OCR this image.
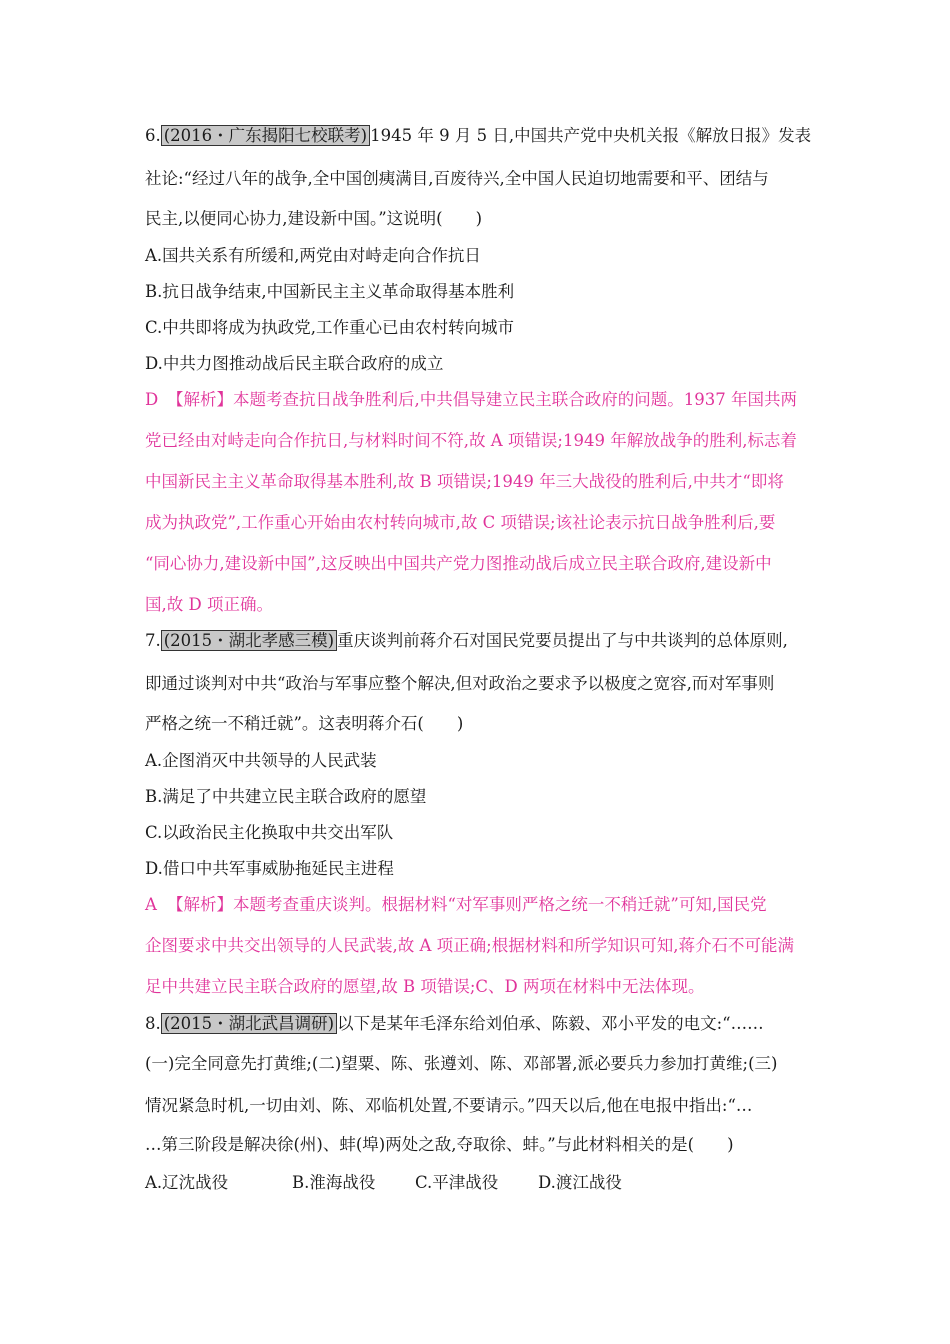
6. (2016・广东揭阳七校联考) 1945 年 9 月 5 日,中国共产党中央机关报《解放日报》发表
社论:“经过八年的战争,全中国创痍满目,百废待兴,全中国人民迫切地需要和平、团结与
民主,以便同心协力,建设新中国。”这说明(　　)
A.国共关系有所缓和,两党由对峙走向合作抗日
B.抗日战争结束,中国新民主主义革命取得基本胜利
C.中共即将成为执政党,工作重心已由农村转向城市
D.中共力图推动战后民主联合政府的成立
D 【解析】本题考查抗日战争胜利后,中共倡导建立民主联合政府的问题。1937 年国共两
党已经由对峙走向合作抗日,与材料时间不符,故 A 项错误;1949 年解放战争的胜利,标志着
中国新民主主义革命取得基本胜利,故 B 项错误;1949 年三大战役的胜利后,中共才“即将
成为执政党”,工作重心开始由农村转向城市,故 C 项错误;该社论表示抗日战争胜利后,要
“同心协力,建设新中国”,这反映出中国共产党力图推动战后成立民主联合政府,建设新中
国,故 D 项正确。
7. (2015・湖北孝感三模) 重庆谈判前蒋介石对国民党要员提出了与中共谈判的总体原则,
即通过谈判对中共“政治与军事应整个解决,但对政治之要求予以极度之宽容,而对军事则
严格之统一不稍迁就”。这表明蒋介石(　　)
A.企图消灭中共领导的人民武装
B.满足了中共建立民主联合政府的愿望
C.以政治民主化换取中共交出军队
D.借口中共军事威胁拖延民主进程
A 【解析】本题考查重庆谈判。根据材料“对军事则严格之统一不稍迁就”可知,国民党
企图要求中共交出领导的人民武装,故 A 项正确;根据材料和所学知识可知,蒋介石不可能满
足中共建立民主联合政府的愿望,故 B 项错误;C、D 两项在材料中无法体现。
8. (2015・湖北武昌调研) 以下是某年毛泽东给刘伯承、陈毅、邓小平发的电文:“……
(一)完全同意先打黄维;(二)望粟、陈、张遵刘、陈、邓部署,派必要兵力参加打黄维;(三)
情况紧急时机,一切由刘、陈、邓临机处置,不要请示。”四天以后,他在电报中指出:“…
…第三阶段是解决徐(州)、蚌(埠)两处之敌,夺取徐、蚌。”与此材料相关的是(　　)
A.辽沈战役	B.淮海战役 C.平津战役 D.渡江战役
